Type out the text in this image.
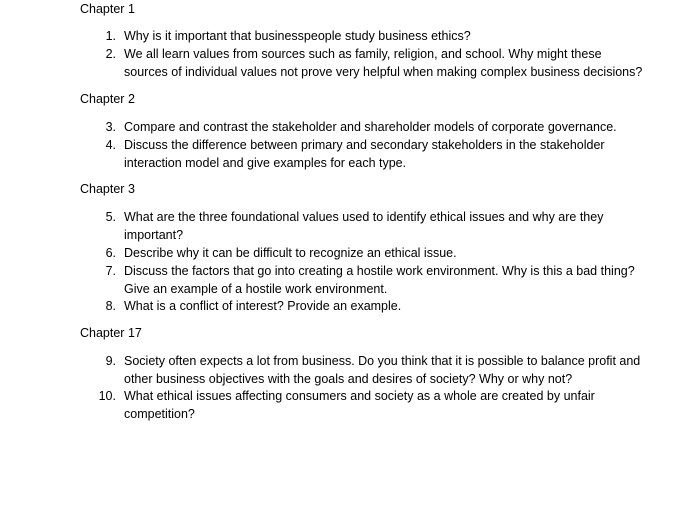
Chapter 1
1. Why is it important that businesspeople study business ethics?
2. We all learn values from sources such as family, religion, and school. Why might these sources of individual values not prove very helpful when making complex business decisions?
Chapter 2
3. Compare and contrast the stakeholder and shareholder models of corporate governance.
4. Discuss the difference between primary and secondary stakeholders in the stakeholder interaction model and give examples for each type.
Chapter 3
5. What are the three foundational values used to identify ethical issues and why are they important?
6. Describe why it can be difficult to recognize an ethical issue.
7. Discuss the factors that go into creating a hostile work environment. Why is this a bad thing? Give an example of a hostile work environment.
8. What is a conflict of interest? Provide an example.
Chapter 17
9. Society often expects a lot from business. Do you think that it is possible to balance profit and other business objectives with the goals and desires of society? Why or why not?
10. What ethical issues affecting consumers and society as a whole are created by unfair competition?
